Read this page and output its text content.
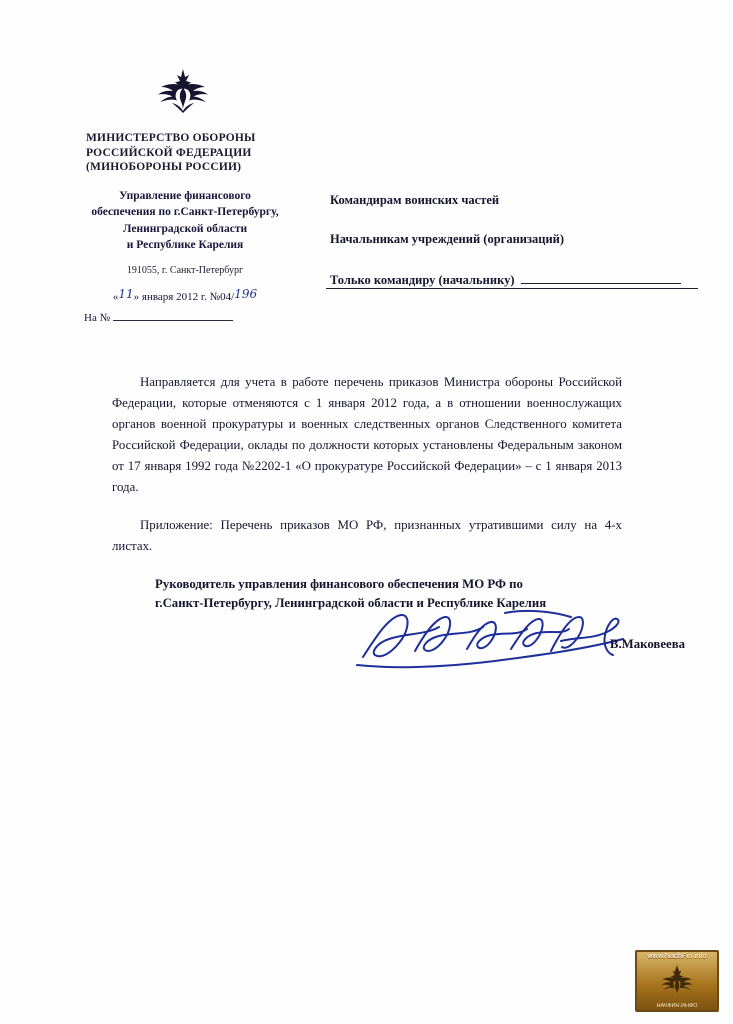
МИНИСТЕРСТВО ОБОРОНЫ
РОССИЙСКОЙ ФЕДЕРАЦИИ
(МИНОБОРОНЫ РОССИИ)
Управление финансового
обеспечения по г.Санкт-Петербургу,
Ленинградской области
и Республике Карелия
191055, г. Санкт-Петербург
«11» января 2012 г. №04/196
На №
Командирам воинских частей
Начальникам учреждений (организаций)
Только командиру (начальнику)

Направляется для учета в работе перечень приказов Министра обороны Российской Федерации, которые отменяются с 1 января 2012 года, а в отношении военнослужащих органов военной прокуратуры и военных следственных органов Следственного комитета Российской Федерации, оклады по должности которых установлены Федеральным законом от 17 января 1992 года №2202-1 «О прокуратуре Российской Федерации» – с 1 января 2013 года.

Приложение: Перечень приказов МО РФ, признанных утратившими силу на 4-х листах.

Руководитель управления финансового обеспечения МО РФ по
г.Санкт-Петербургу, Ленинградской области и Республике Карелия
В.Маковеева
www.NachFin.info
НАЧФИН.ИНФО
